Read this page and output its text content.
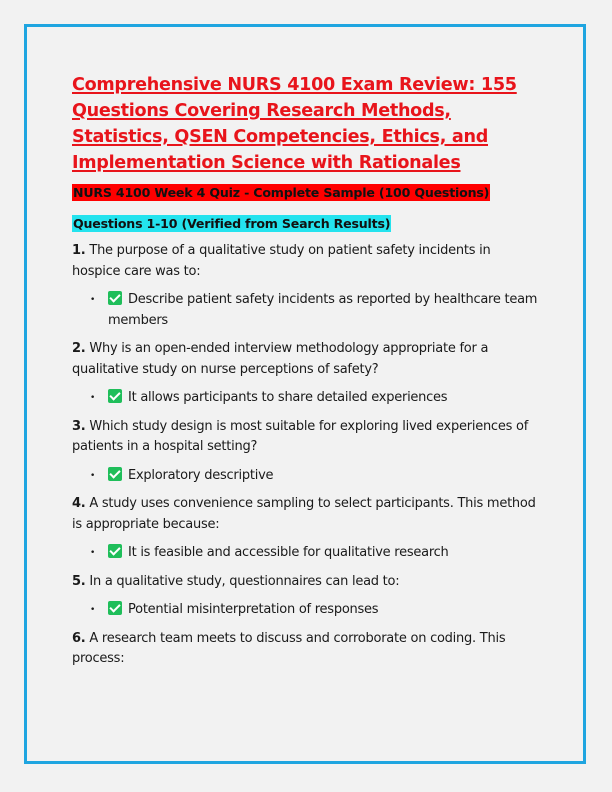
Comprehensive NURS 4100 Exam Review: 155 Questions Covering Research Methods, Statistics, QSEN Competencies, Ethics, and Implementation Science with Rationales
NURS 4100 Week 4 Quiz - Complete Sample (100 Questions)
Questions 1-10 (Verified from Search Results)

1. The purpose of a qualitative study on patient safety incidents in hospice care was to:

•	Describe patient safety incidents as reported by healthcare team members

2. Why is an open-ended interview methodology appropriate for a qualitative study on nurse perceptions of safety?

•	It allows participants to share detailed experiences

3. Which study design is most suitable for exploring lived experiences of patients in a hospital setting?

•	Exploratory descriptive

4. A study uses convenience sampling to select participants. This method is appropriate because:

•	It is feasible and accessible for qualitative research

5. In a qualitative study, questionnaires can lead to:

•	Potential misinterpretation of responses

6. A research team meets to discuss and corroborate on coding. This process:
